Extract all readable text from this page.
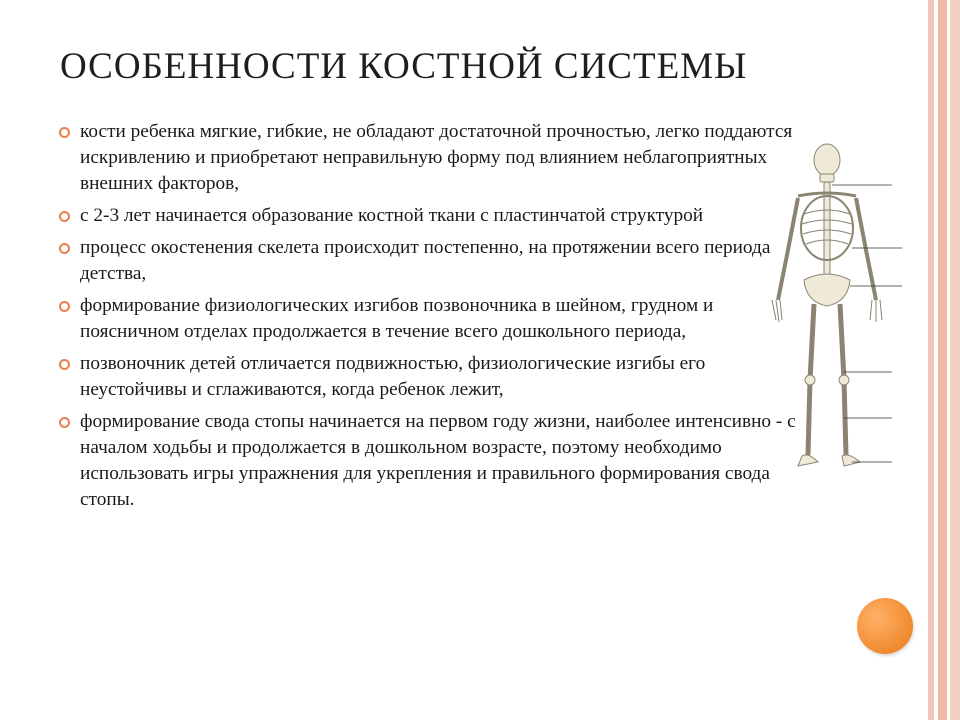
ОСОБЕННОСТИ КОСТНОЙ СИСТЕМЫ
кости ребенка мягкие, гибкие, не обладают достаточной прочностью, легко поддаются искривлению и приобретают неправильную форму под влиянием неблагоприятных внешних факторов,
с 2-3 лет начинается образование костной ткани с пластинчатой структурой
процесс окостенения скелета происходит постепенно, на протяжении всего периода детства,
формирование физиологических изгибов позвоночника в шейном, грудном и поясничном отделах продолжается в течение всего дошкольного периода,
позвоночник детей отличается подвижностью, физиологические изгибы его неустойчивы и сглаживаются, когда ребенок лежит,
формирование свода стопы начинается на первом году жизни, наиболее интенсивно - с началом ходьбы и продолжается в дошкольном возрасте, поэтому необходимо использовать игры упражнения для укрепления и правильного формирования свода стопы.
